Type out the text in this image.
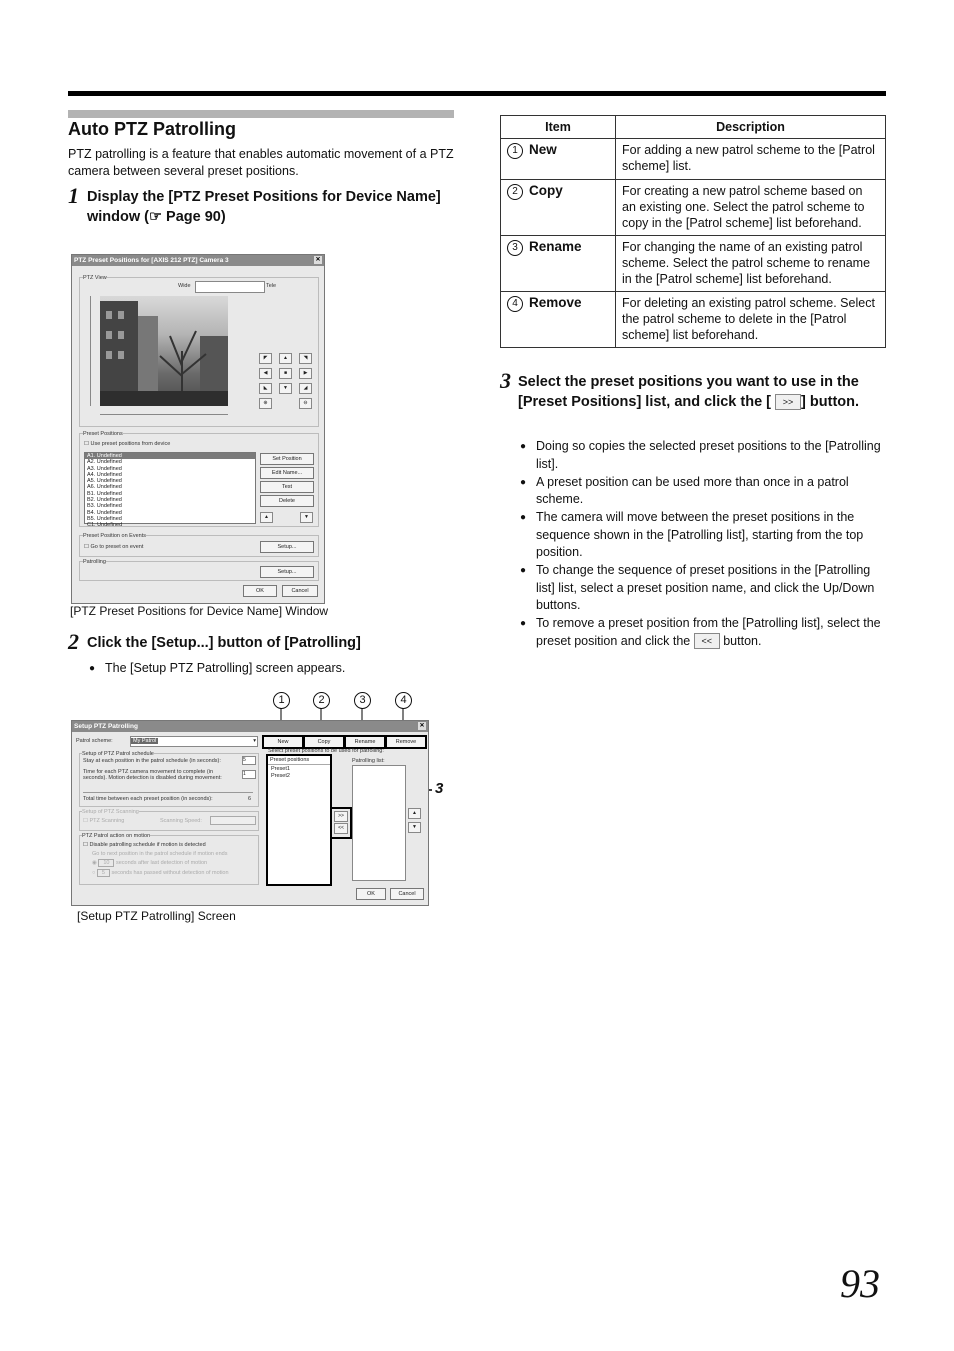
Auto PTZ Patrolling
PTZ patrolling is a feature that enables automatic movement of a PTZ camera between several preset positions.
1 Display the [PTZ Preset Positions for Device Name] window (☞ Page 90)
PTZ Preset Positions for [AXIS 212 PTZ] Camera 3	✕
PTZ View
Wide	Tele
◤	▲	◥
◀	■	▶
◣	▼	◢
⊕	⊖
Preset Positions
☐ Use preset positions from device
A1. Undefined
A2. Undefined
A3. Undefined
A4. Undefined
A5. Undefined
A6. Undefined
B1. Undefined
B2. Undefined
B3. Undefined
B4. Undefined
B5. Undefined
C1. Undefined
Set Position
Edit Name...
Test
Delete
▲	▼
Preset Position on Events
☐ Go to preset on event	Setup...
Patrolling
Setup...
OK	Cancel
[PTZ Preset Positions for Device Name] Window
2 Click the [Setup...] button of [Patrolling]
● The [Setup PTZ Patrolling] screen appears.
1	2	3	4
3
Setup PTZ Patrolling	✕
Patrol scheme:	My Patrol	▾	New	Copy	Rename	Remove
Setup of PTZ Patrol schedule
Stay at each position in the patrol schedule (in seconds):	5
Time for each PTZ camera movement to complete (in seconds). Motion detection is disabled during movement:
1
Total time between each preset position (in seconds):	6
Setup of PTZ Scanning
☐ PTZ Scanning	Scanning Speed:
PTZ Patrol action on motion
☐ Disable patrolling schedule if motion is detected
Go to next position in the patrol schedule if motion ends
◉ 10 seconds after last detection of motion
○ 5 seconds has passed without detection of motion
Select preset positions to be used for patrolling:
Preset positions
Preset1
Preset2
>>
<<
Patrolling list:
▲
▼
OK	Cancel
[Setup PTZ Patrolling] Screen
Item	Description
1 New	For adding a new patrol scheme to the [Patrol scheme] list.
2 Copy	For creating a new patrol scheme based on an existing one. Select the patrol scheme to copy in the [Patrol scheme] list beforehand.
3 Rename	For changing the name of an existing patrol scheme. Select the patrol scheme to rename in the [Patrol scheme] list beforehand.
4 Remove	For deleting an existing patrol scheme. Select the patrol scheme to delete in the [Patrol scheme] list beforehand.
3 Select the preset positions you want to use in the [Preset Positions] list, and click the [ >> ] button.
● Doing so copies the selected preset positions to the [Patrolling list].
● A preset position can be used more than once in a patrol scheme.
● The camera will move between the preset positions in the sequence shown in the [Patrolling list], starting from the top position.
● To change the sequence of preset positions in the [Patrolling list] list, select a preset position name, and click the Up/Down buttons.
● To remove a preset position from the [Patrolling list], select the preset position and click the << button.
93
